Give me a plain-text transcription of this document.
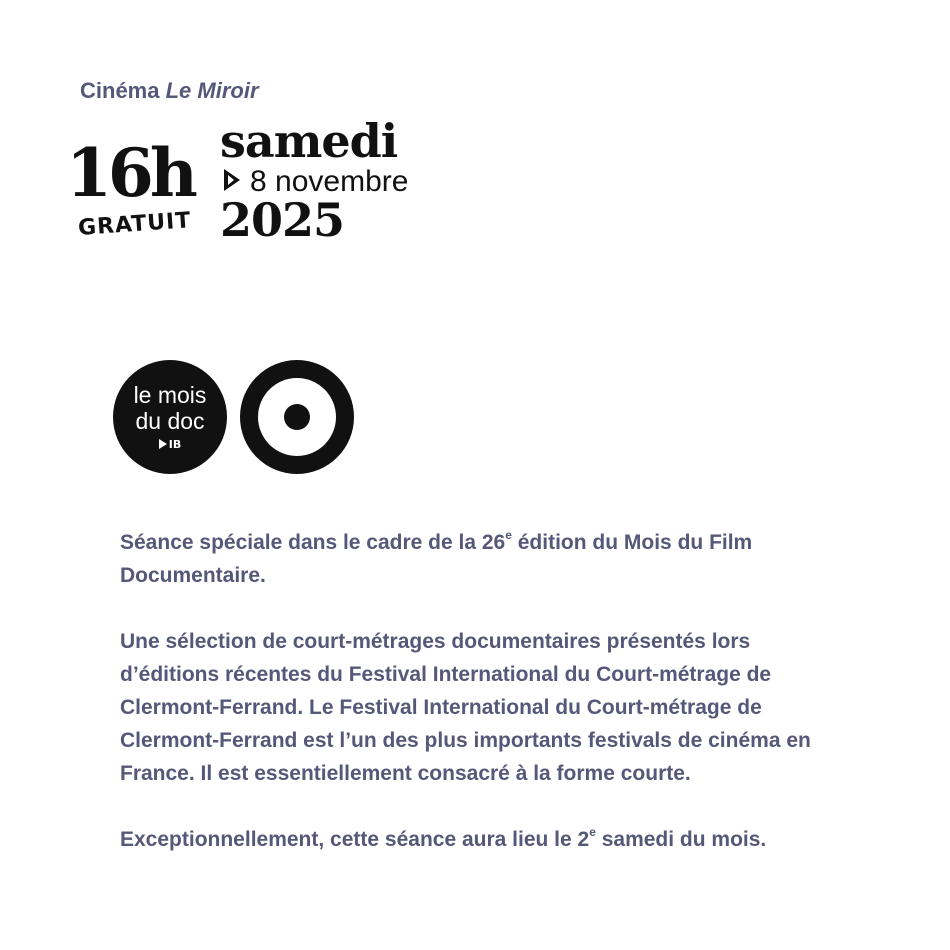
Cinéma Le Miroir
16h
GRATUIT
samedi
8 novembre
2025
le mois
du doc
IB

Séance spéciale dans le cadre de la 26e édition du Mois du Film Documentaire.

Une sélection de court-métrages documentaires présentés lors d’éditions récentes du Festival International du Court-métrage de Clermont-Ferrand. Le Festival International du Court-métrage de Clermont-Ferrand est l’un des plus importants festivals de cinéma en France. Il est essentiellement consacré à la forme courte.

Exceptionnellement, cette séance aura lieu le 2e samedi du mois.
